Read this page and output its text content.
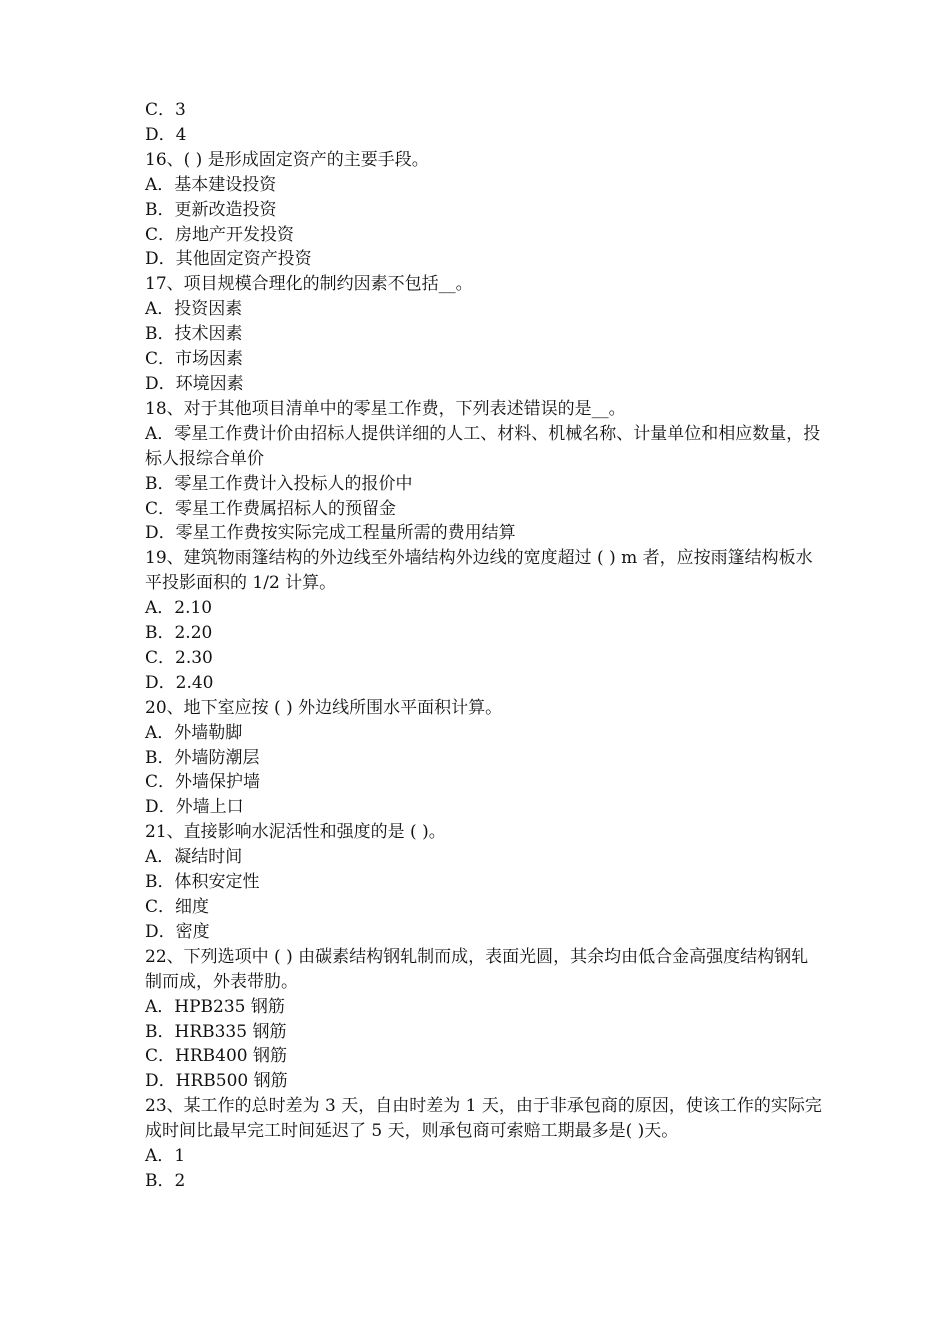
C．3
D．4
16、( ) 是形成固定资产的主要手段。
A．基本建设投资
B．更新改造投资
C．房地产开发投资
D．其他固定资产投资
17、项目规模合理化的制约因素不包括__。
A．投资因素
B．技术因素
C．市场因素
D．环境因素
18、对于其他项目清单中的零星工作费，下列表述错误的是__。
A．零星工作费计价由招标人提供详细的人工、材料、机械名称、计量单位和相应数量，投标人报综合单价
B．零星工作费计入投标人的报价中
C．零星工作费属招标人的预留金
D．零星工作费按实际完成工程量所需的费用结算
19、建筑物雨篷结构的外边线至外墙结构外边线的宽度超过 ( ) m 者，应按雨篷结构板水平投影面积的 1/2 计算。
A．2.10
B．2.20
C．2.30
D．2.40
20、地下室应按 ( ) 外边线所围水平面积计算。
A．外墙勒脚
B．外墙防潮层
C．外墙保护墙
D．外墙上口
21、直接影响水泥活性和强度的是 ( )。
A．凝结时间
B．体积安定性
C．细度
D．密度
22、下列选项中 ( ) 由碳素结构钢轧制而成，表面光圆，其余均由低合金高强度结构钢轧制而成，外表带肋。
A．HPB235 钢筋
B．HRB335 钢筋
C．HRB400 钢筋
D．HRB500 钢筋
23、某工作的总时差为 3 天，自由时差为 1 天，由于非承包商的原因，使该工作的实际完成时间比最早完工时间延迟了 5 天，则承包商可索赔工期最多是( )天。
A．1
B．2
